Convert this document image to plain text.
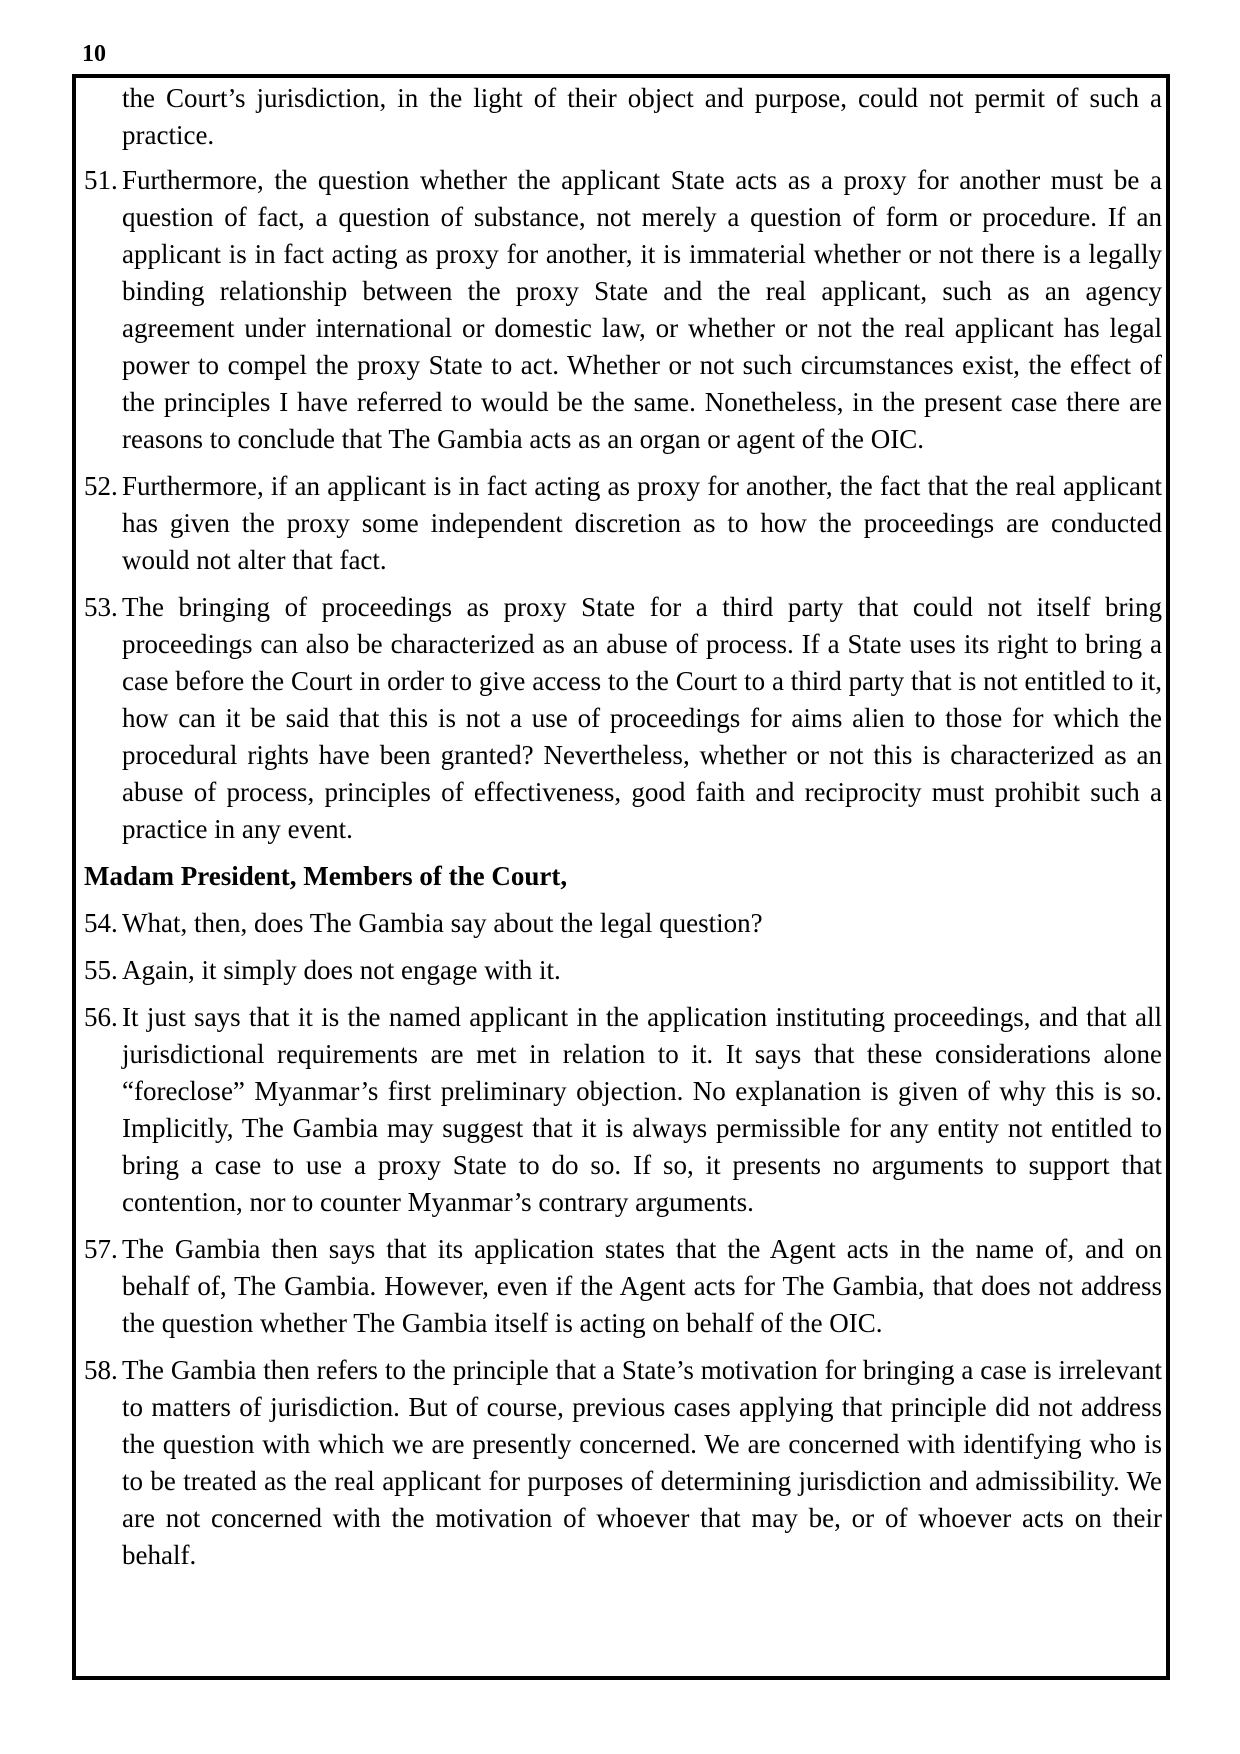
10

the Court’s jurisdiction, in the light of their object and purpose, could not permit of such a practice.

51. Furthermore, the question whether the applicant State acts as a proxy for another must be a question of fact, a question of substance, not merely a question of form or procedure. If an applicant is in fact acting as proxy for another, it is immaterial whether or not there is a legally binding relationship between the proxy State and the real applicant, such as an agency agreement under international or domestic law, or whether or not the real applicant has legal power to compel the proxy State to act. Whether or not such circumstances exist, the effect of the principles I have referred to would be the same. Nonetheless, in the present case there are reasons to conclude that The Gambia acts as an organ or agent of the OIC.
52. Furthermore, if an applicant is in fact acting as proxy for another, the fact that the real applicant has given the proxy some independent discretion as to how the proceedings are conducted would not alter that fact.
53. The bringing of proceedings as proxy State for a third party that could not itself bring proceedings can also be characterized as an abuse of process. If a State uses its right to bring a case before the Court in order to give access to the Court to a third party that is not entitled to it, how can it be said that this is not a use of proceedings for aims alien to those for which the procedural rights have been granted? Nevertheless, whether or not this is characterized as an abuse of process, principles of effectiveness, good faith and reciprocity must prohibit such a practice in any event.
Madam President, Members of the Court,
54. What, then, does The Gambia say about the legal question?
55. Again, it simply does not engage with it.
56. It just says that it is the named applicant in the application instituting proceedings, and that all jurisdictional requirements are met in relation to it. It says that these considerations alone “foreclose” Myanmar’s first preliminary objection. No explanation is given of why this is so. Implicitly, The Gambia may suggest that it is always permissible for any entity not entitled to bring a case to use a proxy State to do so. If so, it presents no arguments to support that contention, nor to counter Myanmar’s contrary arguments.
57. The Gambia then says that its application states that the Agent acts in the name of, and on behalf of, The Gambia. However, even if the Agent acts for The Gambia, that does not address the question whether The Gambia itself is acting on behalf of the OIC.
58. The Gambia then refers to the principle that a State’s motivation for bringing a case is irrelevant to matters of jurisdiction. But of course, previous cases applying that principle did not address the question with which we are presently concerned. We are concerned with identifying who is to be treated as the real applicant for purposes of determining jurisdiction and admissibility. We are not concerned with the motivation of whoever that may be, or of whoever acts on their behalf.
